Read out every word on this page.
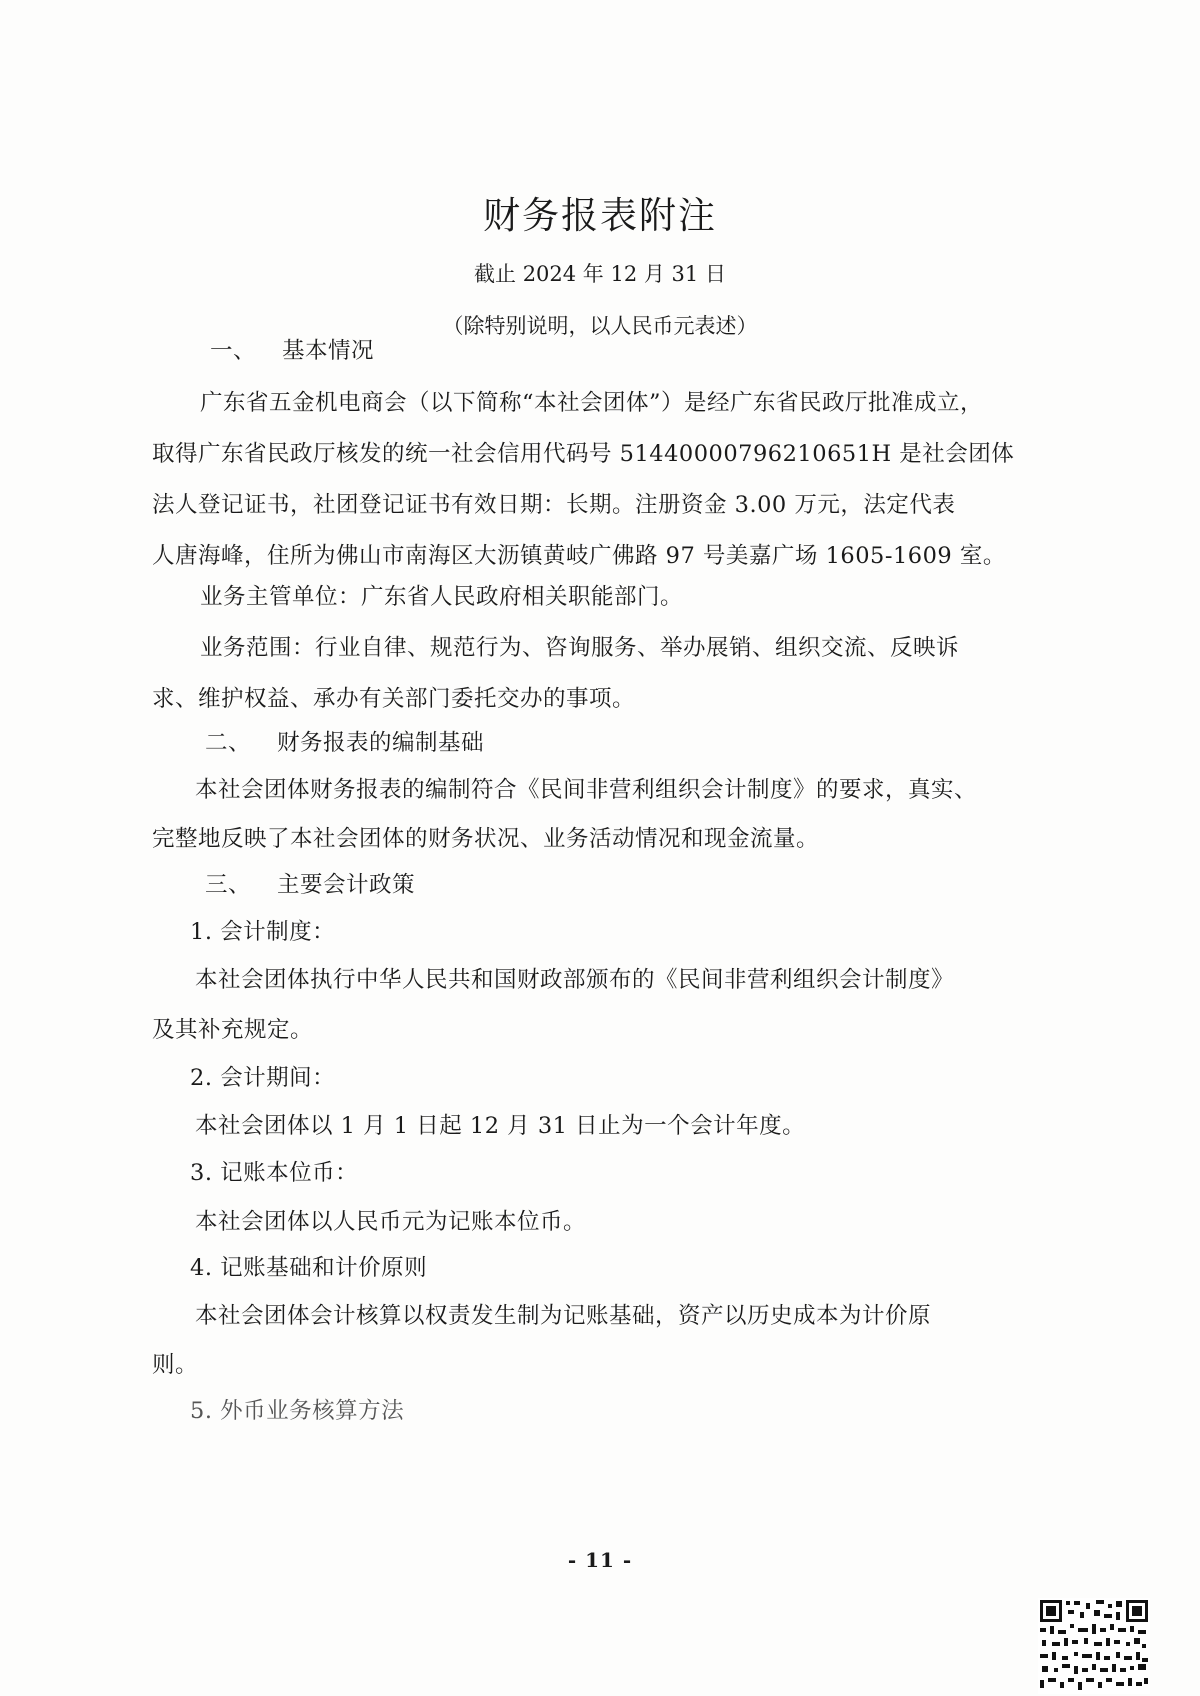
财务报表附注
截止 2024 年 12 月 31 日
（除特别说明，以人民币元表述）
一、 基本情况
广东省五金机电商会（以下简称“本社会团体”）是经广东省民政厅批准成立，
取得广东省民政厅核发的统一社会信用代码号 51440000796210651H 是社会团体
法人登记证书，社团登记证书有效日期：长期。注册资金 3.00 万元，法定代表
人唐海峰，住所为佛山市南海区大沥镇黄岐广佛路 97 号美嘉广场 1605-1609 室。
业务主管单位：广东省人民政府相关职能部门。
业务范围：行业自律、规范行为、咨询服务、举办展销、组织交流、反映诉
求、维护权益、承办有关部门委托交办的事项。
二、 财务报表的编制基础
本社会团体财务报表的编制符合《民间非营利组织会计制度》的要求，真实、
完整地反映了本社会团体的财务状况、业务活动情况和现金流量。
三、 主要会计政策
1. 会计制度：
本社会团体执行中华人民共和国财政部颁布的《民间非营利组织会计制度》
及其补充规定。
2. 会计期间：
本社会团体以 1 月 1 日起 12 月 31 日止为一个会计年度。
3. 记账本位币：
本社会团体以人民币元为记账本位币。
4. 记账基础和计价原则
本社会团体会计核算以权责发生制为记账基础，资产以历史成本为计价原
则。
5. 外币业务核算方法
- 11 -
